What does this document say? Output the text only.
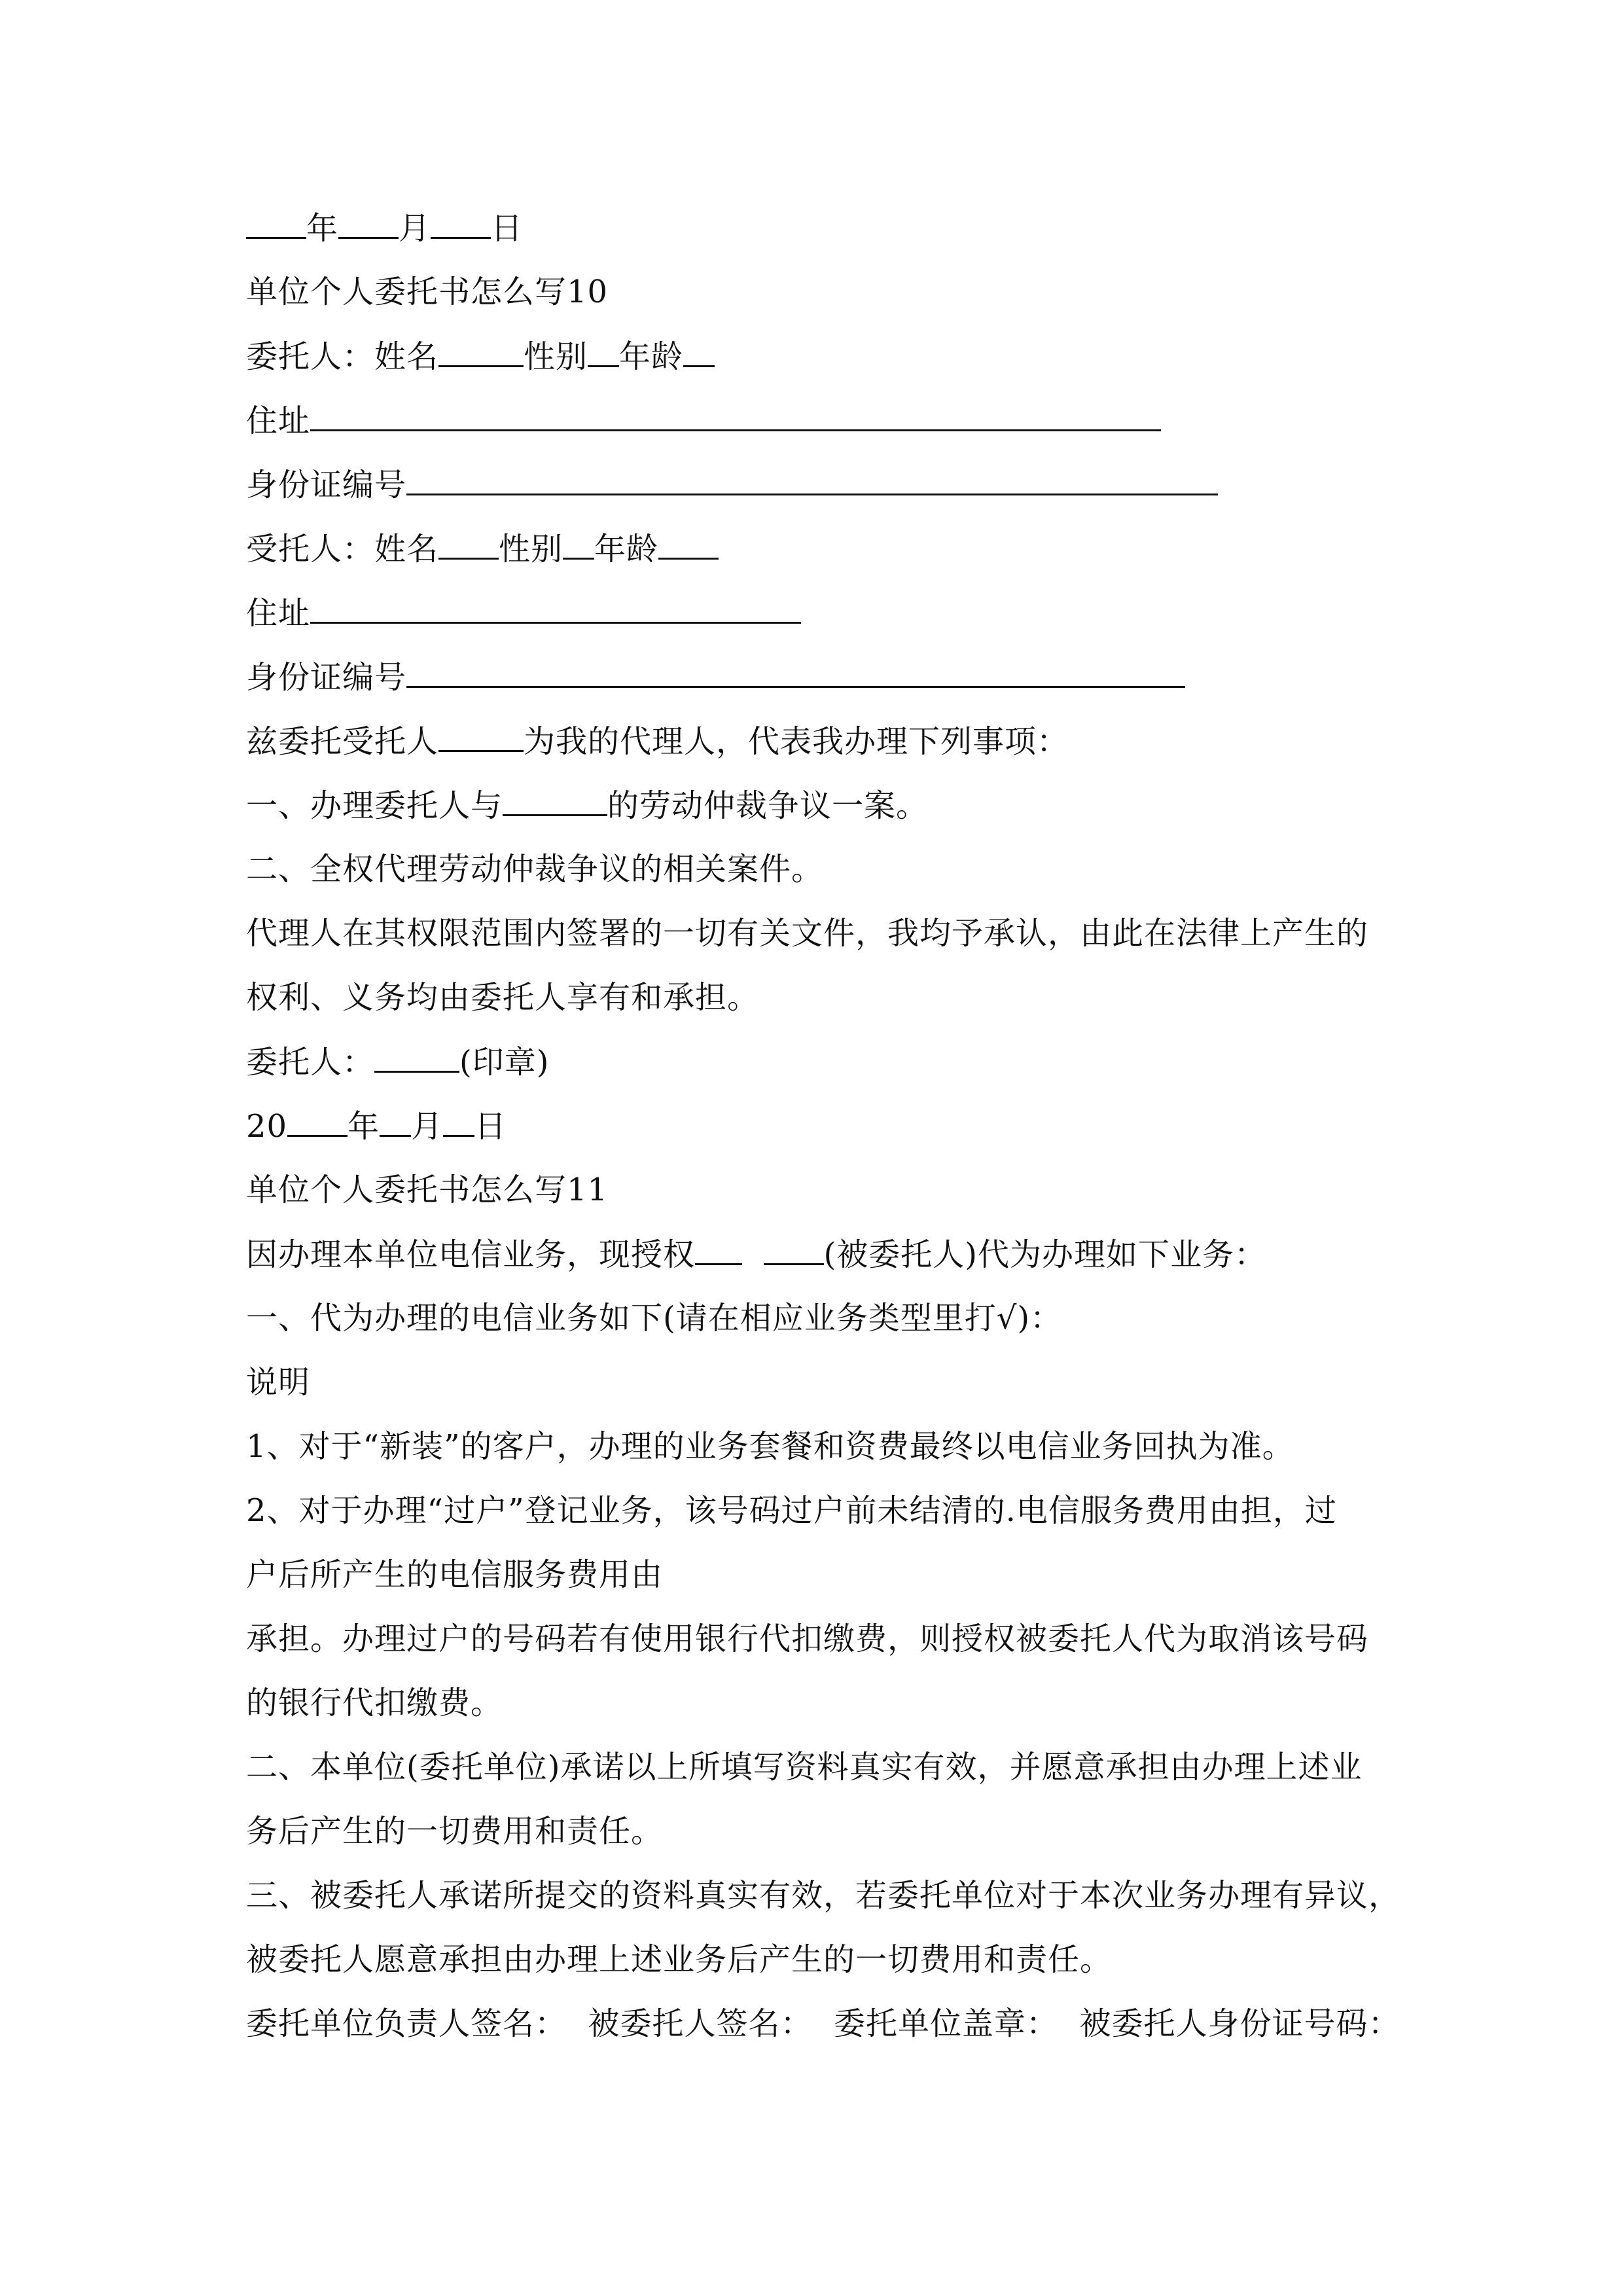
年 月 日
单位个人委托书怎么写10
委托人：姓名	性别 年龄
住址
身份证编号
受托人：姓名 性别 年龄
住址
身份证编号
兹委托受托人	为我的代理人，代表我办理下列事项：
一、办理委托人与	的劳动仲裁争议一案。
二、全权代理劳动仲裁争议的相关案件。
代理人在其权限范围内签署的一切有关文件，我均予承认，由此在法律上产生的
权利、义务均由委托人享有和承担。
委托人：	(印章)
20 年 月 日
单位个人委托书怎么写11
因办理本单位电信业务，现授权	(被委托人)代为办理如下业务：
一、代为办理的电信业务如下(请在相应业务类型里打√)：
说明
1、对于“新装”的客户，办理的业务套餐和资费最终以电信业务回执为准。
2、对于办理“过户”登记业务，该号码过户前未结清的.电信服务费用由担，过
户后所产生的电信服务费用由
承担。办理过户的号码若有使用银行代扣缴费，则授权被委托人代为取消该号码
的银行代扣缴费。
二、本单位(委托单位)承诺以上所填写资料真实有效，并愿意承担由办理上述业
务后产生的一切费用和责任。
三、被委托人承诺所提交的资料真实有效，若委托单位对于本次业务办理有异议，
被委托人愿意承担由办理上述业务后产生的一切费用和责任。
委托单位负责人签名：  被委托人签名：  委托单位盖章：  被委托人身份证号码：
